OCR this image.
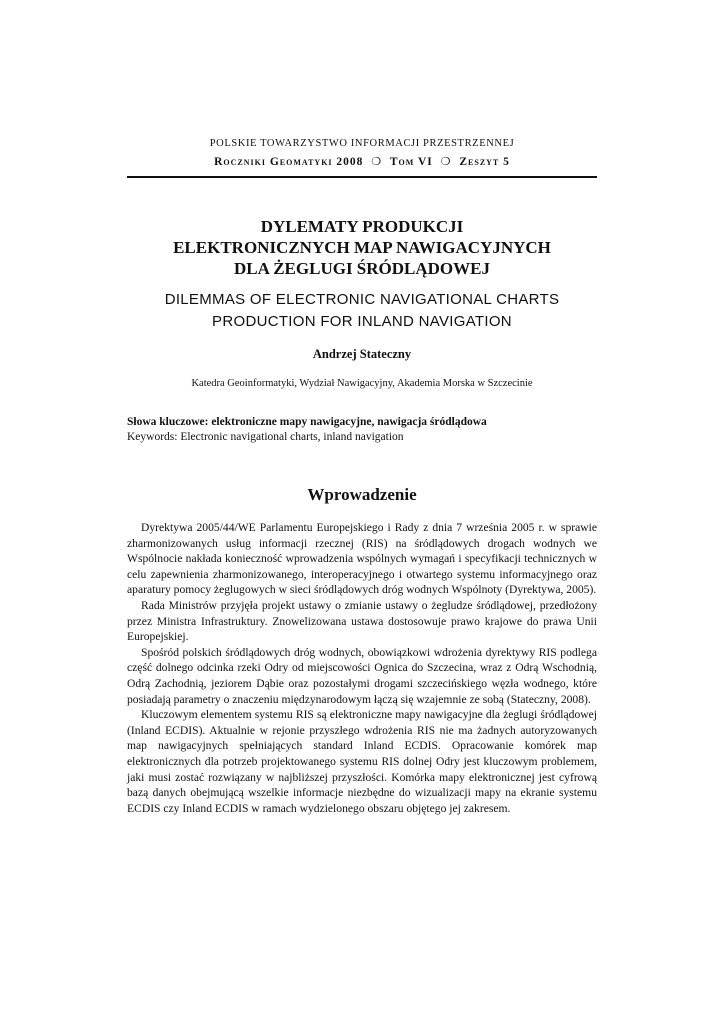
POLSKIE TOWARZYSTWO INFORMACJI PRZESTRZENNEJ
Roczniki Geomatyki 2008 ❍ Tom VI ❍ Zeszyt 5
DYLEMATY PRODUKCJI
ELEKTRONICZNYCH MAP NAWIGACYJNYCH
DLA ŻEGLUGI ŚRÓDLĄDOWEJ
DILEMMAS OF ELECTRONIC NAVIGATIONAL CHARTS
PRODUCTION FOR INLAND NAVIGATION
Andrzej Stateczny
Katedra Geoinformatyki, Wydział Nawigacyjny, Akademia Morska w Szczecinie
Słowa kluczowe: elektroniczne mapy nawigacyjne, nawigacja śródlądowa
Keywords: Electronic navigational charts, inland navigation
Wprowadzenie

Dyrektywa 2005/44/WE Parlamentu Europejskiego i Rady z dnia 7 września 2005 r. w sprawie zharmonizowanych usług informacji rzecznej (RIS) na śródlądowych drogach wodnych we Wspólnocie nakłada konieczność wprowadzenia wspólnych wymagań i specyfikacji technicznych w celu zapewnienia zharmonizowanego, interoperacyjnego i otwartego systemu informacyjnego oraz aparatury pomocy żeglugowych w sieci śródlądowych dróg wodnych Wspólnoty (Dyrektywa, 2005).

Rada Ministrów przyjęła projekt ustawy o zmianie ustawy o żegludze śródlądowej, przedłożony przez Ministra Infrastruktury. Znowelizowana ustawa dostosowuje prawo krajowe do prawa Unii Europejskiej.

Spośród polskich śródlądowych dróg wodnych, obowiązkowi wdrożenia dyrektywy RIS podlega część dolnego odcinka rzeki Odry od miejscowości Ognica do Szczecina, wraz z Odrą Wschodnią, Odrą Zachodnią, jeziorem Dąbie oraz pozostałymi drogami szczecińskiego węzła wodnego, które posiadają parametry o znaczeniu międzynarodowym łączą się wzajemnie ze sobą (Stateczny, 2008).

Kluczowym elementem systemu RIS są elektroniczne mapy nawigacyjne dla żeglugi śródlądowej (Inland ECDIS). Aktualnie w rejonie przyszłego wdrożenia RIS nie ma żadnych autoryzowanych map nawigacyjnych spełniających standard Inland ECDIS. Opracowanie komórek map elektronicznych dla potrzeb projektowanego systemu RIS dolnej Odry jest kluczowym problemem, jaki musi zostać rozwiązany w najbliższej przyszłości. Komórka mapy elektronicznej jest cyfrową bazą danych obejmującą wszelkie informacje niezbędne do wizualizacji mapy na ekranie systemu ECDIS czy Inland ECDIS w ramach wydzielonego obszaru objętego jej zakresem.
